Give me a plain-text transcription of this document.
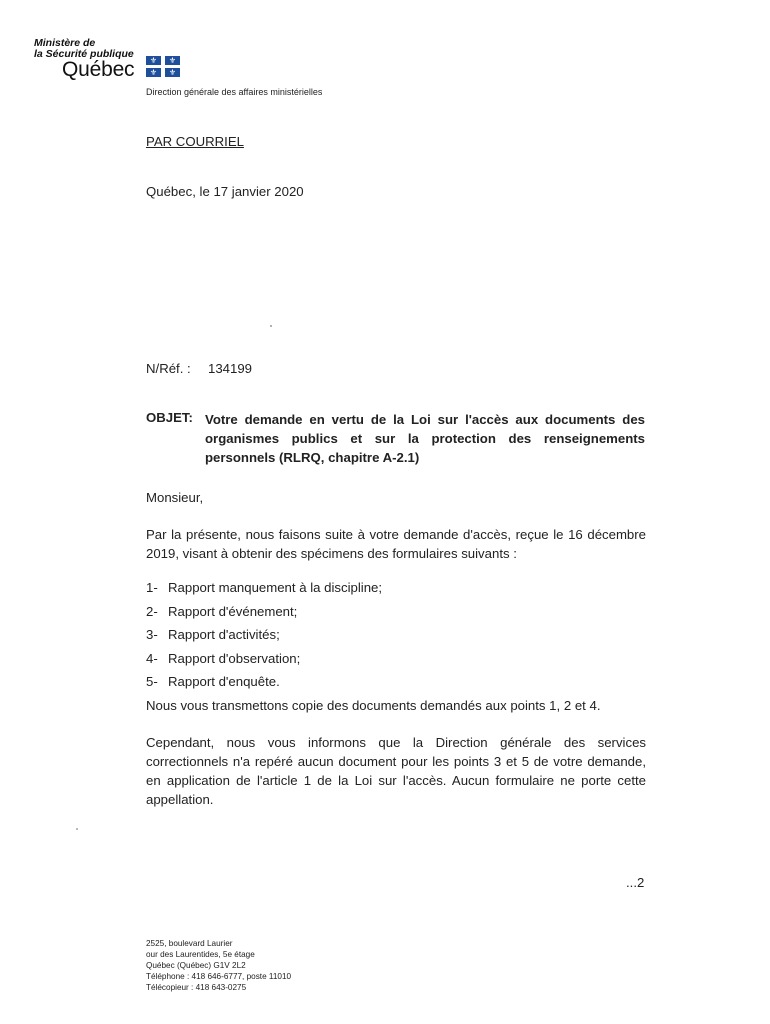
Ministère de
la Sécurité publique
Québec	⚜	⚜
⚜	⚜
Direction générale des affaires ministérielles
PAR COURRIEL
Québec, le 17 janvier 2020
N/Réf. : 134199
OBJET: Votre demande en vertu de la Loi sur l'accès aux documents des organismes publics et sur la protection des renseignements personnels (RLRQ, chapitre A-2.1)
Monsieur,
Par la présente, nous faisons suite à votre demande d'accès, reçue le 16 décembre 2019, visant à obtenir des spécimens des formulaires suivants :
1- Rapport manquement à la discipline;
2- Rapport d'événement;
3- Rapport d'activités;
4- Rapport d'observation;
5- Rapport d'enquête.
Nous vous transmettons copie des documents demandés aux points 1, 2 et 4.
Cependant, nous vous informons que la Direction générale des services correctionnels n'a repéré aucun document pour les points 3 et 5 de votre demande, en application de l'article 1 de la Loi sur l'accès. Aucun formulaire ne porte cette appellation.
...2
2525, boulevard Laurier
our des Laurentides, 5e étage
Québec (Québec) G1V 2L2
Téléphone : 418 646-6777, poste 11010
Télécopieur : 418 643-0275
